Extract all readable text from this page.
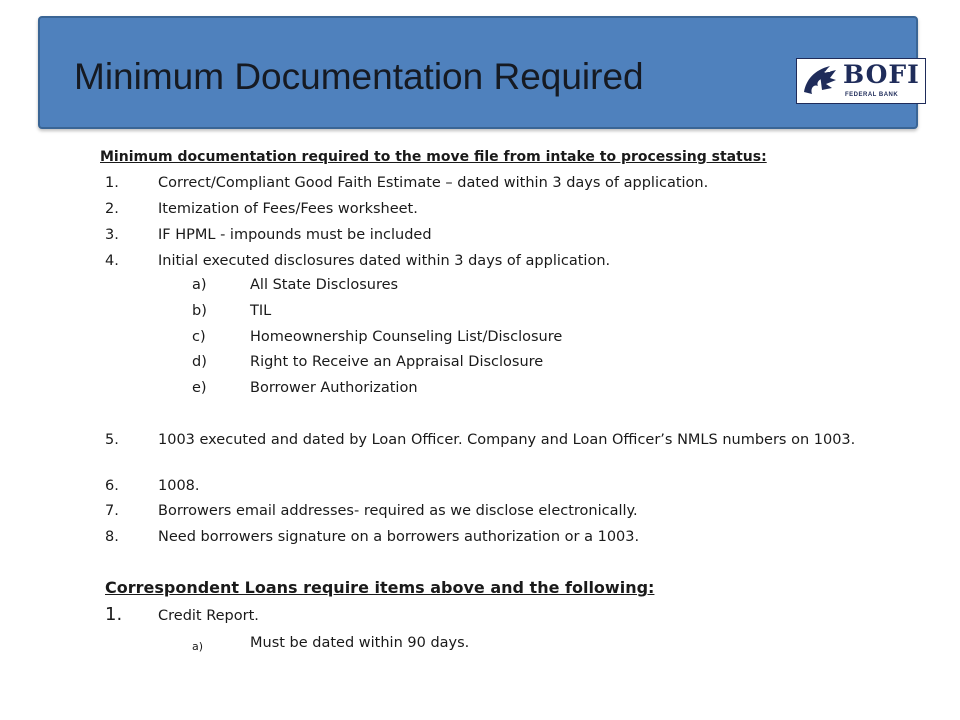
Minimum Documentation Required	BOFI
FEDERAL BANK
Minimum documentation required to the move file from intake to processing status:
1.	Correct/Compliant Good Faith Estimate – dated within 3 days of application.
2.	Itemization of Fees/Fees worksheet.
3.	IF HPML - impounds must be included
4.	Initial executed disclosures dated within 3 days of application.
a)	All State Disclosures
b)	TIL
c)	Homeownership Counseling List/Disclosure
d)	Right to Receive an Appraisal Disclosure
e)	Borrower Authorization
5.	1003 executed and dated by Loan Officer. Company and Loan Officer’s NMLS numbers on 1003.
6.	1008.
7.	Borrowers email addresses- required as we disclose electronically.
8.	Need borrowers signature on a borrowers authorization or a 1003.
Correspondent Loans require items above and the following:
1.	Credit Report.
a)	Must be dated within 90 days.
